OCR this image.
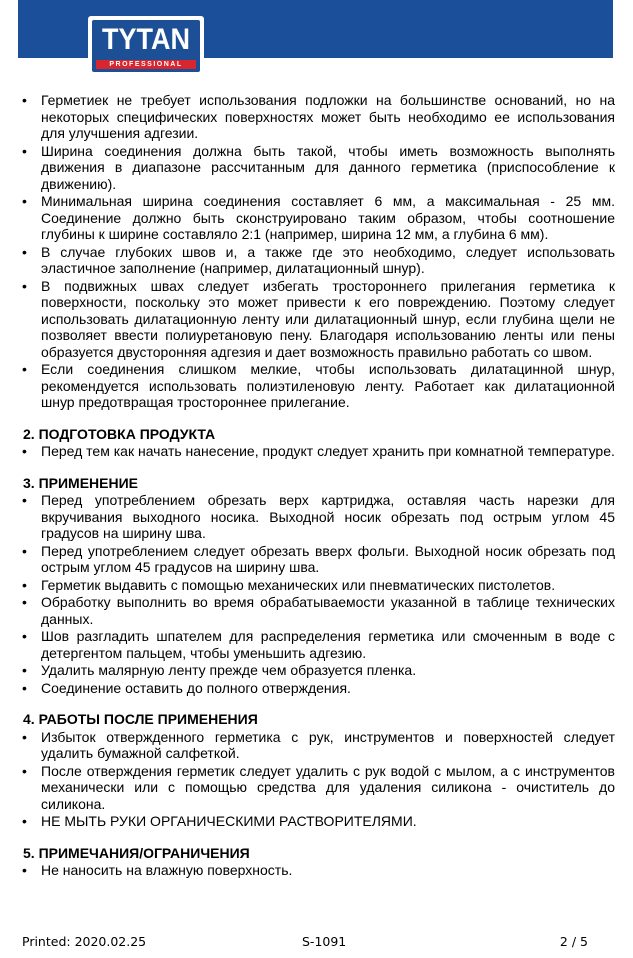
TYTAN
PROFESSIONAL
®
• Герметиек не требует использования подложки на большинстве оснований, но на некоторых специфических поверхностях может быть необходимо ее использования для улучшения адгезии.
• Ширина соединения должна быть такой, чтобы иметь возможность выполнять движения в диапазоне рассчитанным для данного герметика (приспособление к движению).
• Минимальная ширина соединения составляет 6 мм, а максимальная - 25 мм. Соединение должно быть сконструировано таким образом, чтобы соотношение глубины к ширине составляло 2:1 (например, ширина 12 мм, а глубина 6 мм).
• В случае глубоких швов и, а также где это необходимо, следует использовать эластичное заполнение (например, дилатационный шнур).
• В подвижных швах следует избегать тростороннего прилегания герметика к поверхности, поскольку это может привести к его повреждению. Поэтому следует использовать дилатационную ленту или дилатационный шнур, если глубина щели не позволяет ввести полиуретановую пену. Благодаря использованию ленты или пены образуется двусторонняя адгезия и дает возможность правильно работать со швом.
• Если соединения слишком мелкие, чтобы использовать дилатацинной шнур, рекомендуется использовать полиэтиленовую ленту. Работает как дилатационной шнур предотвращая тростороннее прилегание.
2. ПОДГОТОВКА ПРОДУКТА
• Перед тем как начать нанесение, продукт следует хранить при комнатной температуре.
3. ПРИМЕНЕНИЕ
• Перед употреблением обрезать верх картриджа, оставляя часть нарезки для вкручивания выходного носика. Выходной носик обрезать под острым углом 45 градусов на ширину шва.
• Перед употреблением следует обрезать вверх фольги. Выходной носик обрезать под острым углом 45 градусов на ширину шва.
• Герметик выдавить с помощью механических или пневматических пистолетов.
• Обработку выполнить во время обрабатываемости указанной в таблице технических данных.
• Шов разгладить шпателем для распределения герметика или смоченным в воде с детергентом пальцем, чтобы уменьшить адгезию.
• Удалить малярную ленту прежде чем образуется пленка.
• Соединение оставить до полного отверждения.
4. РАБОТЫ ПОСЛЕ ПРИМЕНЕНИЯ
• Избыток отвержденного герметика с рук, инструментов и поверхностей следует удалить бумажной салфеткой.
• После отверждения герметик следует удалить с рук водой с мылом, а с инструментов механически или с помощью средства для удаления силикона - очиститель до силикона.
• НЕ МЫТЬ РУКИ ОРГАНИЧЕСКИМИ РАСТВОРИТЕЛЯМИ.
5. ПРИМЕЧАНИЯ/ОГРАНИЧЕНИЯ
• Не наносить на влажную поверхность.
Printed: 2020.02.25	S-1091	2 / 5
